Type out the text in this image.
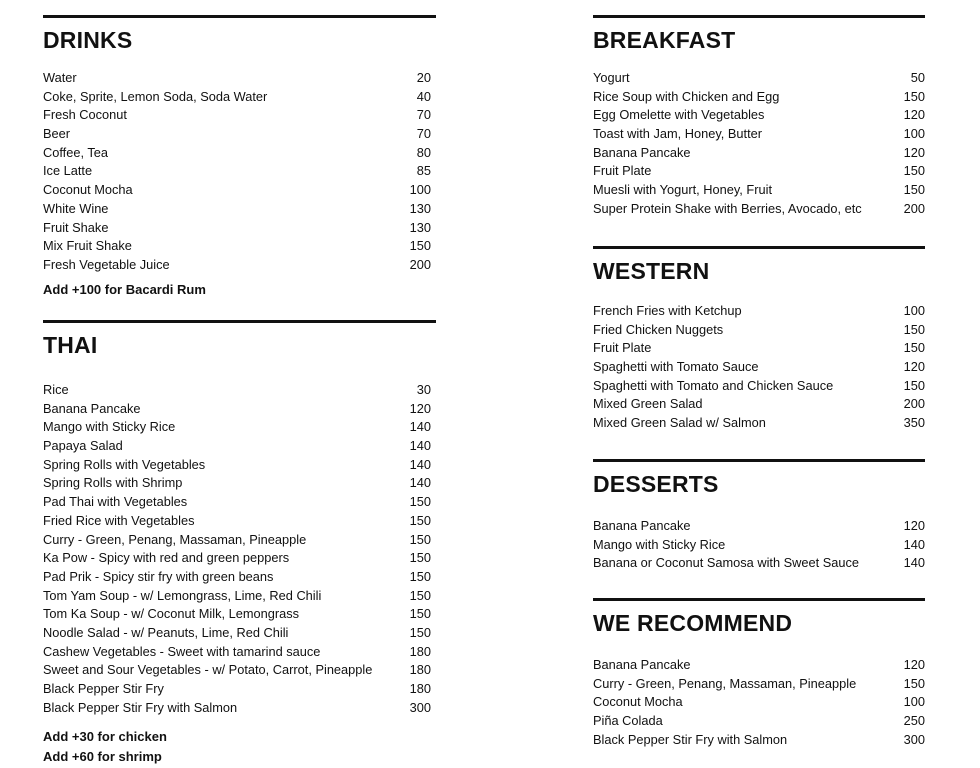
DRINKS
Water	20
Coke, Sprite, Lemon Soda, Soda Water	40
Fresh Coconut	70
Beer	70
Coffee, Tea	80
Ice Latte	85
Coconut Mocha	100
White Wine	130
Fruit Shake	130
Mix Fruit Shake	150
Fresh Vegetable Juice	200
Add +100 for Bacardi Rum
THAI
Rice	30
Banana Pancake	120
Mango with Sticky Rice	140
Papaya Salad	140
Spring Rolls with Vegetables	140
Spring Rolls with Shrimp	140
Pad Thai with Vegetables	150
Fried Rice with Vegetables	150
Curry - Green, Penang, Massaman, Pineapple	150
Ka Pow - Spicy with red and green peppers	150
Pad Prik - Spicy stir fry with green beans	150
Tom Yam Soup - w/ Lemongrass, Lime, Red Chili	150
Tom Ka Soup - w/ Coconut Milk, Lemongrass	150
Noodle Salad - w/ Peanuts, Lime, Red Chili	150
Cashew Vegetables - Sweet with tamarind sauce	180
Sweet and Sour Vegetables - w/ Potato, Carrot, Pineapple	180
Black Pepper Stir Fry	180
Black Pepper Stir Fry with Salmon	300
Add +30 for chicken
Add +60 for shrimp
BREAKFAST
Yogurt	50
Rice Soup with Chicken and Egg	150
Egg Omelette with Vegetables	120
Toast with Jam, Honey, Butter	100
Banana Pancake	120
Fruit Plate	150
Muesli with Yogurt, Honey, Fruit	150
Super Protein Shake with Berries, Avocado, etc	200
WESTERN
French Fries with Ketchup	100
Fried Chicken Nuggets	150
Fruit Plate	150
Spaghetti with Tomato Sauce	120
Spaghetti with Tomato and Chicken Sauce	150
Mixed Green Salad	200
Mixed Green Salad w/ Salmon	350
DESSERTS
Banana Pancake	120
Mango with Sticky Rice	140
Banana or Coconut Samosa with Sweet Sauce	140
WE RECOMMEND
Banana Pancake	120
Curry - Green, Penang, Massaman, Pineapple	150
Coconut Mocha	100
Piña Colada	250
Black Pepper Stir Fry with Salmon	300
